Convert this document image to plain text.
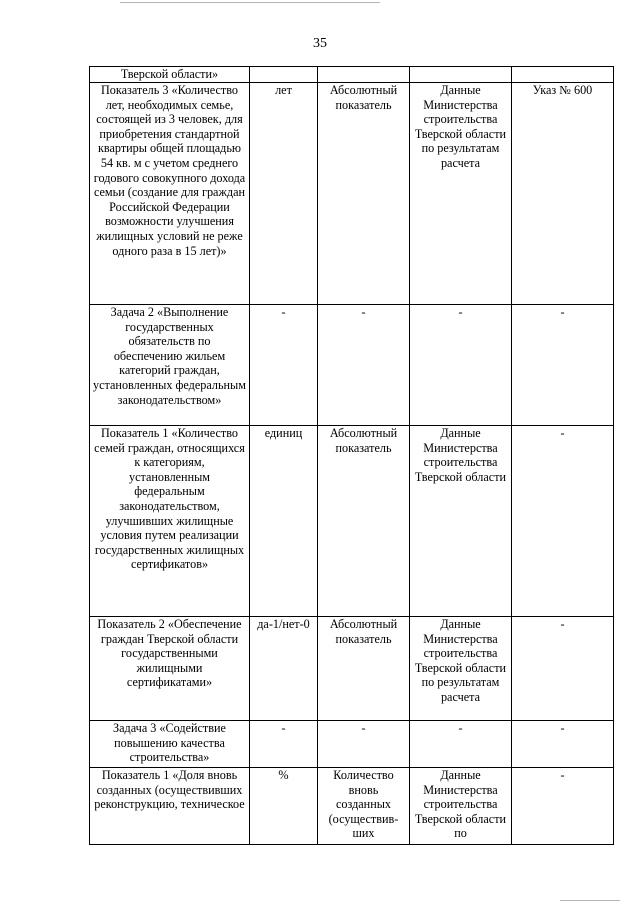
35
Тверской области»				
Показатель 3 «Количество лет, необходимых семье, состоящей из 3 человек, для приобретения стандартной квартиры общей площадью 54 кв. м с учетом среднего годового совокупного дохода семьи (создание для граждан Российской Федерации возможности улучшения жилищных условий не реже одного раза в 15 лет)»	лет	Абсолютный показатель	Данные Министерства строительства Тверской области по результатам расчета	Указ № 600
Задача 2 «Выполнение государственных обязательств по обеспечению жильем категорий граждан, установленных федеральным законодательством»	-	-	-	-
Показатель 1 «Количество семей граждан, относящихся к категориям, установленным федеральным законодательством, улучшивших жилищные условия путем реализации государственных жилищных сертификатов»	единиц	Абсолютный показатель	Данные Министерства строительства Тверской области	-
Показатель 2 «Обеспечение граждан Тверской области государственными жилищными сертификатами»	да-1/нет-0	Абсолютный показатель	Данные Министерства строительства Тверской области по результатам расчета	-
Задача 3 «Содействие повышению качества строительства»	-	-	-	-
Показатель 1 «Доля вновь созданных (осуществивших реконструкцию, техническое	%	Количество вновь созданных (осуществив-ших	Данные Министерства строительства Тверской области по	-
